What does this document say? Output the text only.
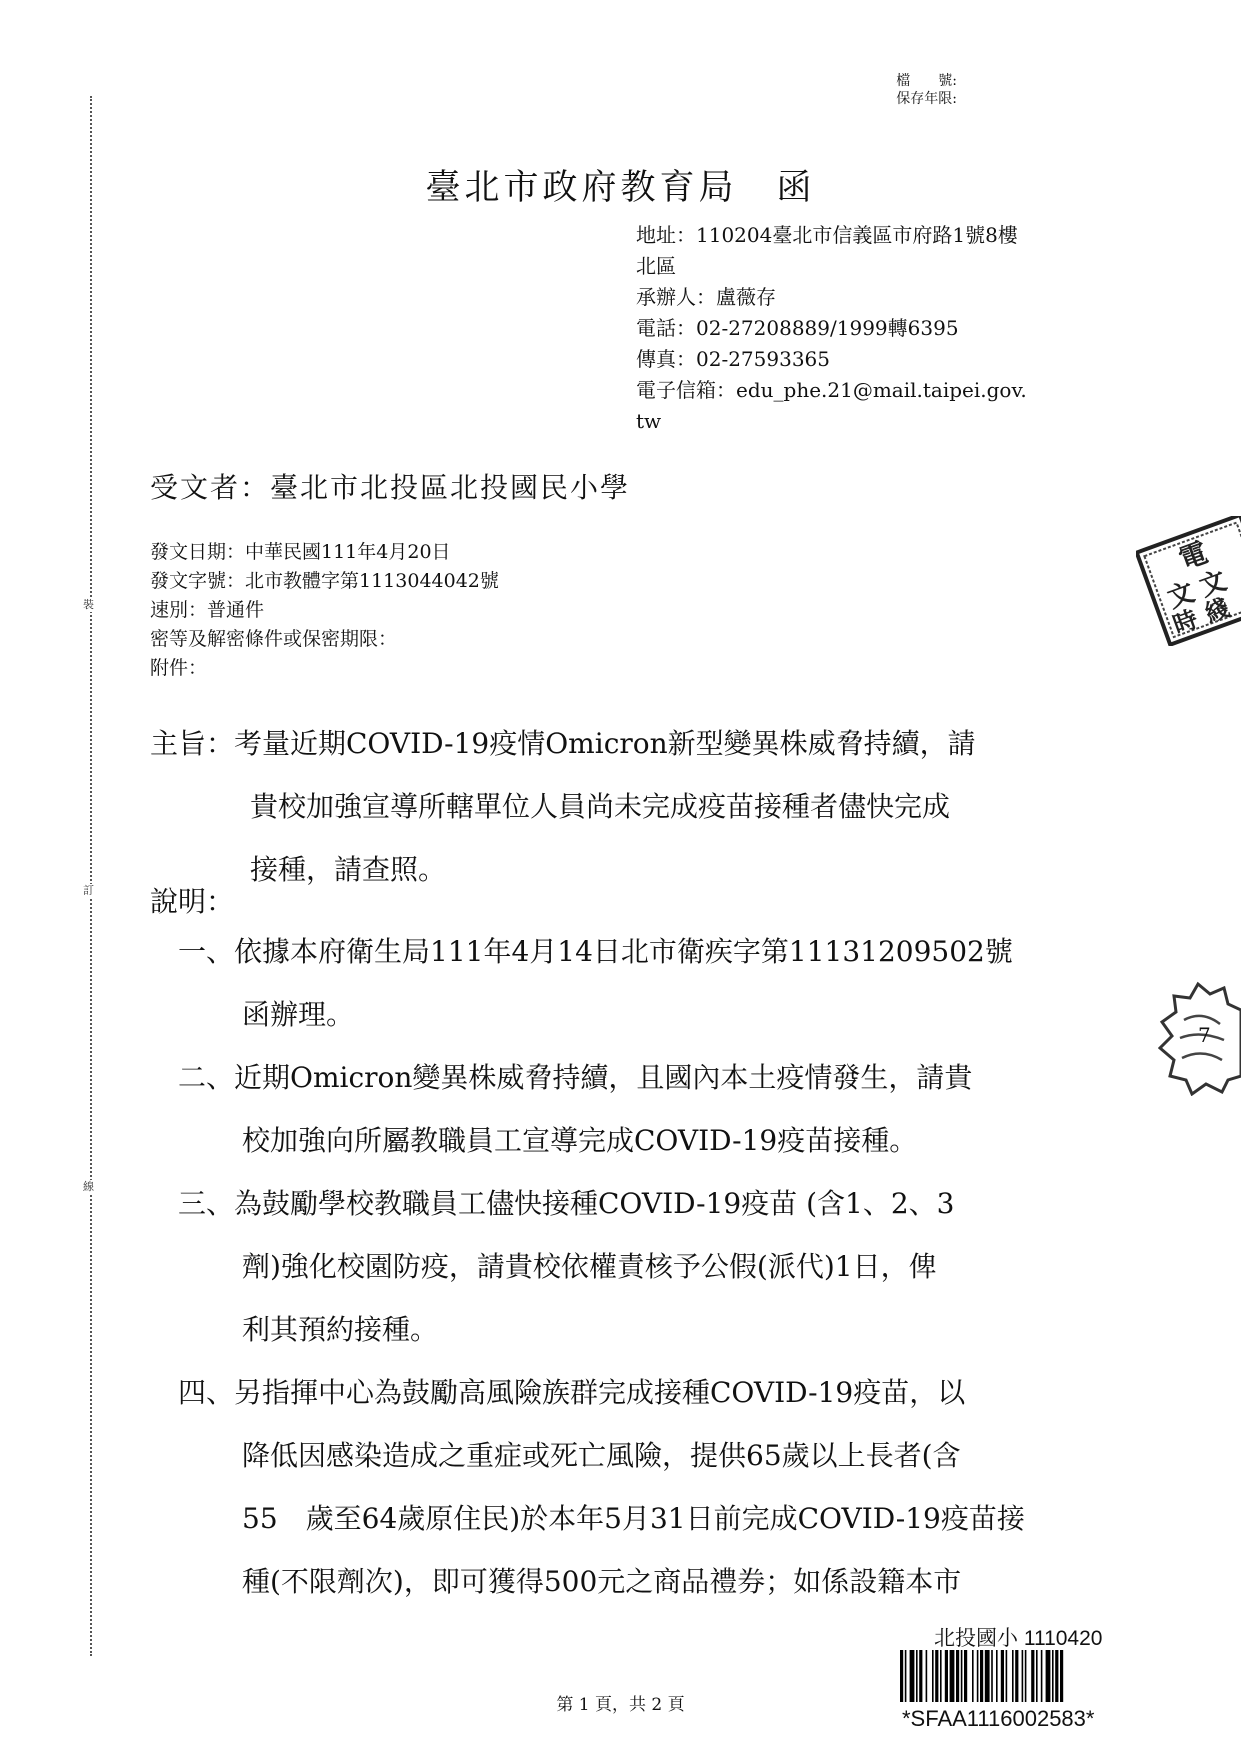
裝
訂
線
檔　　號:
保存年限:
臺北市政府教育局　函
地址：110204臺北市信義區市府路1號8樓
北區
承辦人：盧薇存
電話：02-27208889/1999轉6395
傳真：02-27593365
電子信箱：edu_phe.21@mail.taipei.gov.
tw
受文者：臺北市北投區北投國民小學
發文日期：中華民國111年4月20日
發文字號：北市教體字第1113044042號
速別：普通件
密等及解密條件或保密期限：
附件：
主旨：考量近期COVID-19疫情Omicron新型變異株威脅持續，請
貴校加強宣導所轄單位人員尚未完成疫苗接種者儘快完成
接種，請查照。
說明：
一、依據本府衛生局111年4月14日北市衛疾字第11131209502號
函辦理。
二、近期Omicron變異株威脅持續，且國內本土疫情發生，請貴
校加強向所屬教職員工宣導完成COVID-19疫苗接種。
三、為鼓勵學校教職員工儘快接種COVID-19疫苗 (含1、2、3
劑)強化校園防疫，請貴校依權責核予公假(派代)1日，俾
利其預約接種。
四、另指揮中心為鼓勵高風險族群完成接種COVID-19疫苗，以
降低因感染造成之重症或死亡風險，提供65歲以上長者(含
55　歲至64歲原住民)於本年5月31日前完成COVID-19疫苗接
種(不限劑次)，即可獲得500元之商品禮券；如係設籍本市
電
文
文
時 綫
7
第 1 頁，共 2 頁
北投國小 1110420
*SFAA1116002583*
